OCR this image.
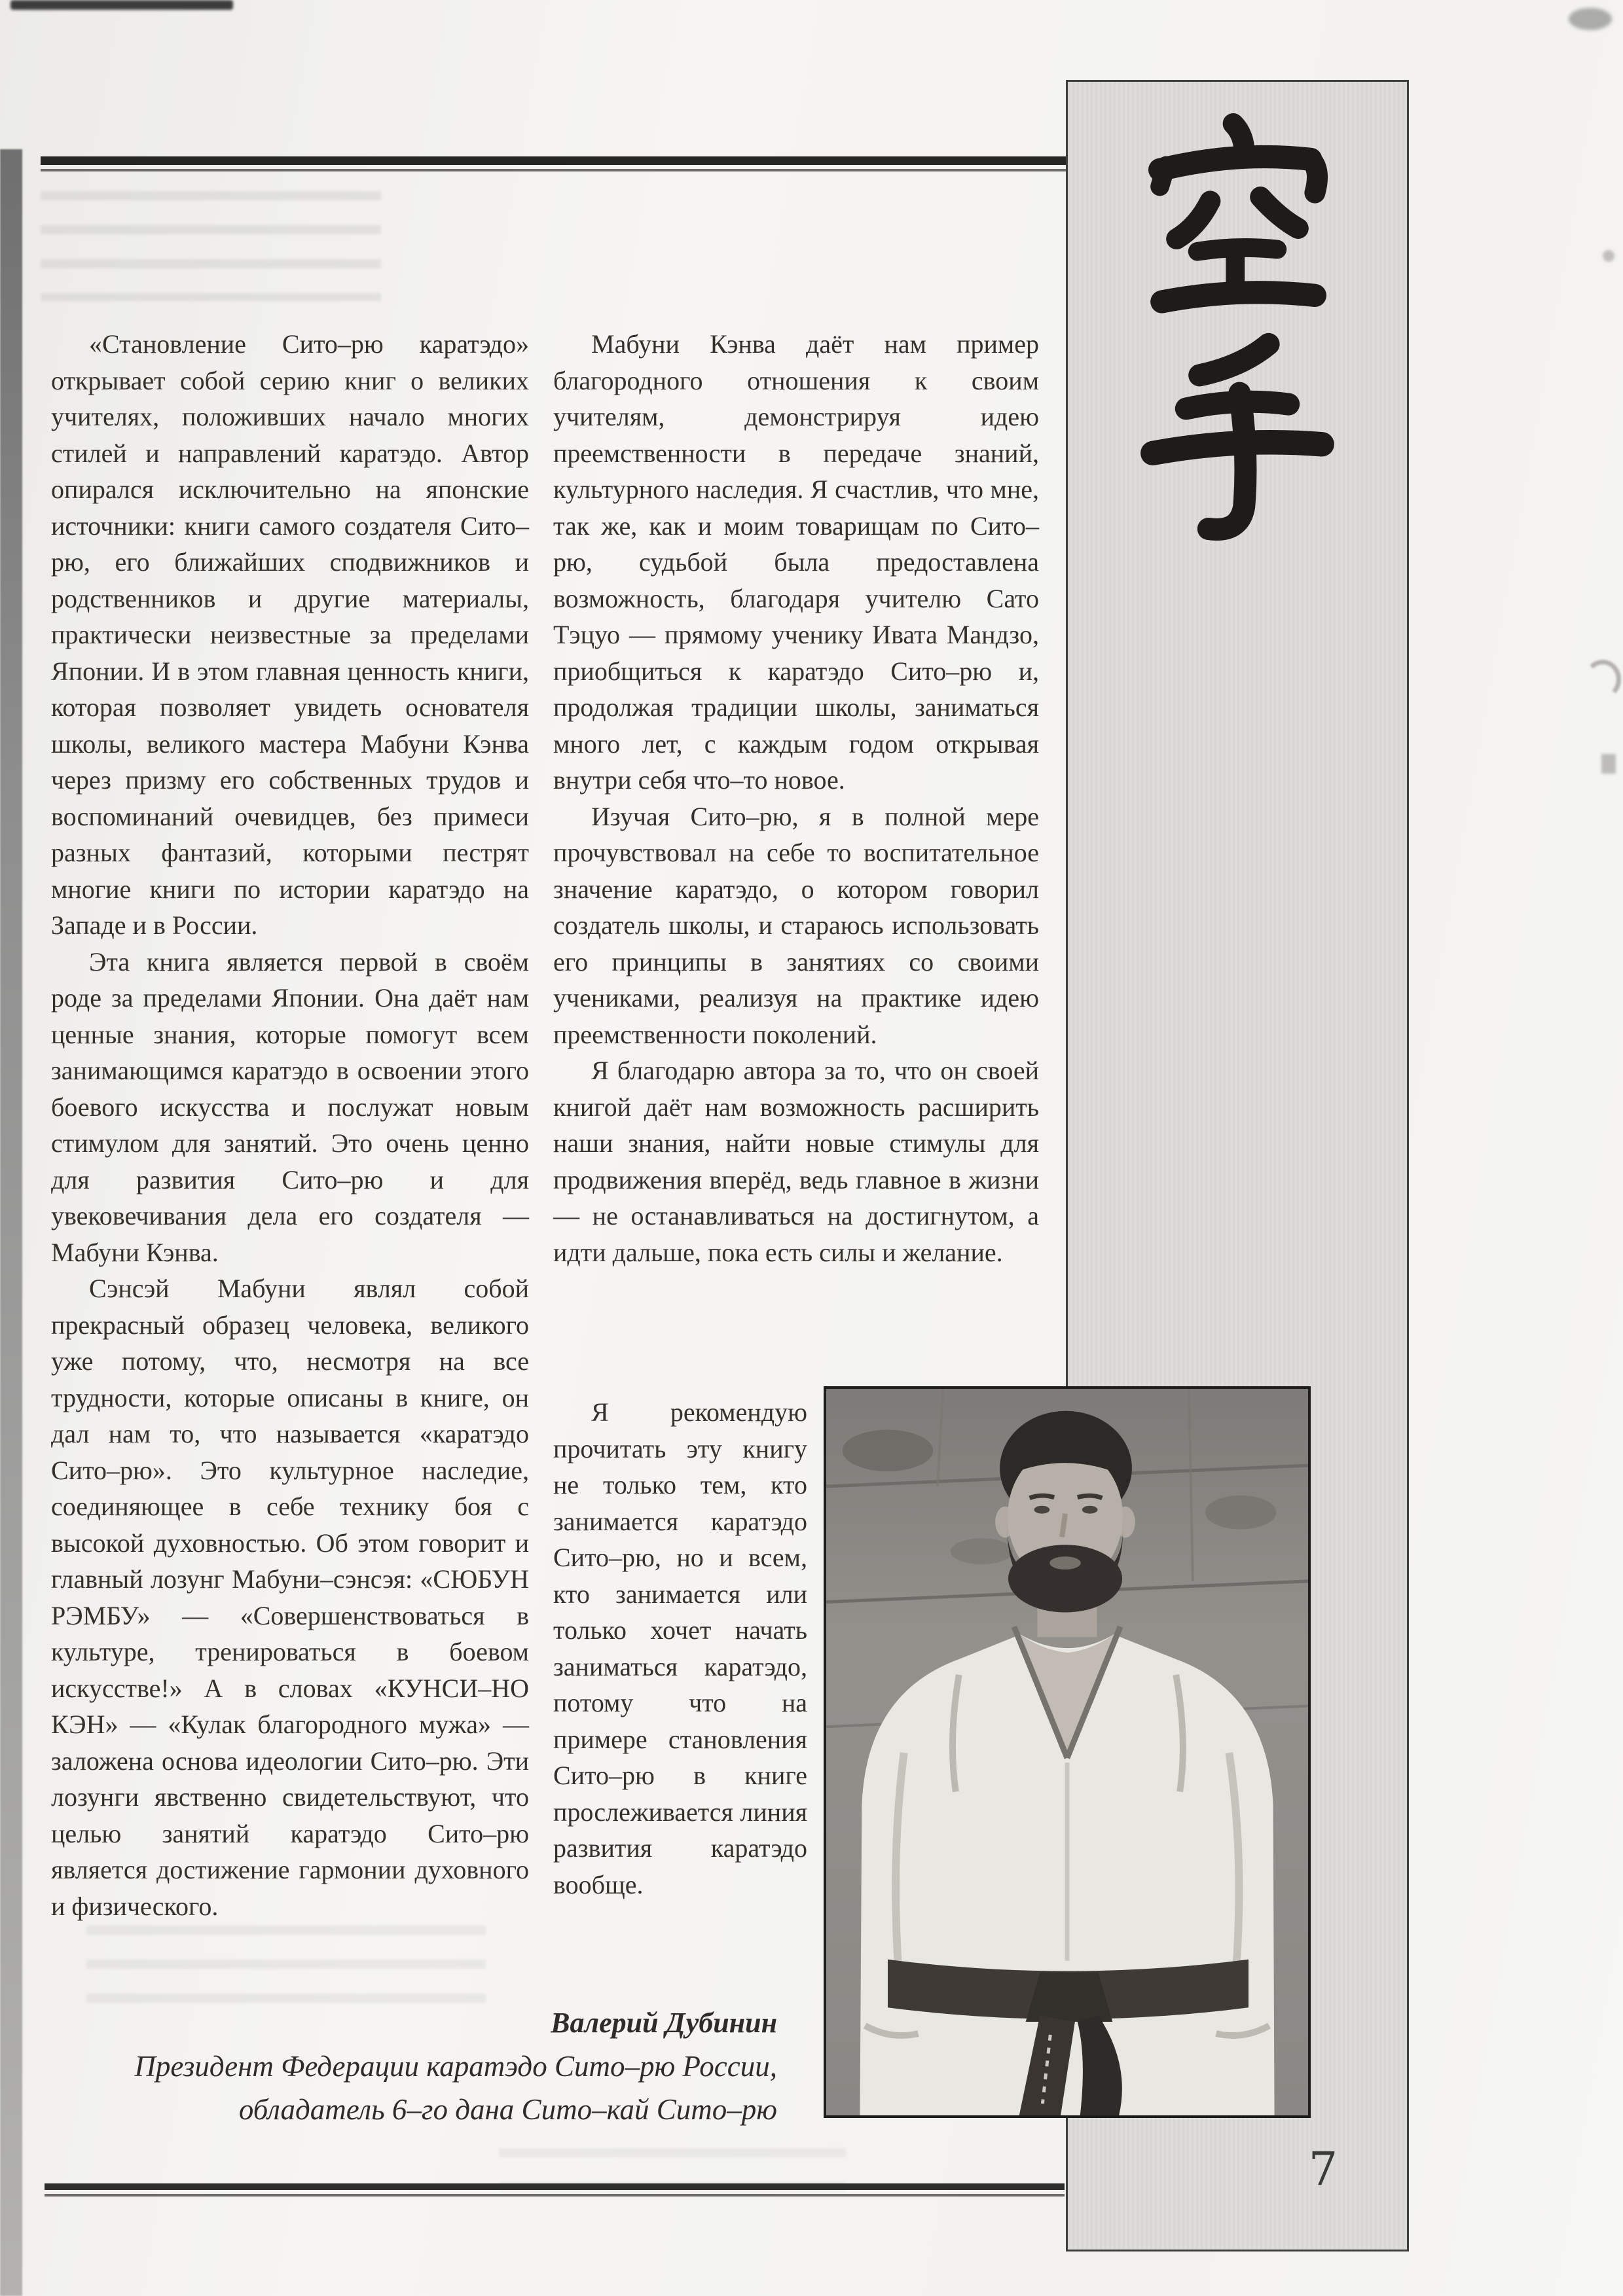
7

«Становление Сито–рю каратэдо» открывает собой серию книг о великих учителях, положивших начало многих стилей и направлений каратэдо. Автор опирался исключительно на японские источники: книги самого создателя Сито–рю, его ближайших сподвижников и родственников и другие материалы, практически неизвестные за пределами Японии. И в этом главная ценность книги, которая позволяет увидеть основателя школы, великого мастера Мабуни Кэнва через призму его собственных трудов и воспоминаний очевидцев, без примеси разных фантазий, которыми пестрят многие книги по истории каратэдо на Западе и в России.

Эта книга является первой в своём роде за пределами Японии. Она даёт нам ценные знания, которые помогут всем занимающимся каратэдо в освоении этого боевого искусства и послужат новым стимулом для занятий. Это очень ценно для развития Сито–рю и для увековечивания дела его создателя — Мабуни Кэнва.

Сэнсэй Мабуни являл собой прекрасный образец человека, великого уже потому, что, несмотря на все трудности, которые описаны в книге, он дал нам то, что называется «каратэдо Сито–рю». Это культурное наследие, соединяющее в себе технику боя с высокой духовностью. Об этом говорит и главный лозунг Мабуни–сэнсэя: «СЮБУН РЭМБУ» — «Совершенствоваться в культуре, тренироваться в боевом искусстве!» А в словах «КУНСИ–НО КЭН» — «Кулак благородного мужа» — заложена основа идеологии Сито–рю. Эти лозунги явственно свидетельствуют, что целью занятий каратэдо Сито–рю является достижение гармонии духовного и физического.

Мабуни Кэнва даёт нам пример благородного отношения к своим учителям, демонстрируя идею преемственности в передаче знаний, культурного наследия. Я счастлив, что мне, так же, как и моим товарищам по Сито–рю, судьбой была предоставлена возможность, благодаря учителю Сато Тэцуо — прямому ученику Ивата Мандзо, приобщиться к каратэдо Сито–рю и, продолжая традиции школы, заниматься много лет, с каждым годом открывая внутри себя что–то новое.

Изучая Сито–рю, я в полной мере прочувствовал на себе то воспитательное значение каратэдо, о котором говорил создатель школы, и стараюсь использовать его принципы в занятиях со своими учениками, реализуя на практике идею преемственности поколений.

Я благодарю автора за то, что он своей книгой даёт нам возможность расширить наши знания, найти новые стимулы для продвижения вперёд, ведь главное в жизни — не останавливаться на достигнутом, а идти дальше, пока есть силы и желание.

Я рекомендую прочитать эту книгу не только тем, кто занимается каратэдо Сито–рю, но и всем, кто занимается или только хочет начать заниматься каратэдо, потому что на примере становления Сито–рю в книге прослеживается линия развития каратэдо вообще.

Валерий Дубинин
Президент Федерации каратэдо Сито–рю России,
обладатель 6–го дана Сито–кай Сито–рю
